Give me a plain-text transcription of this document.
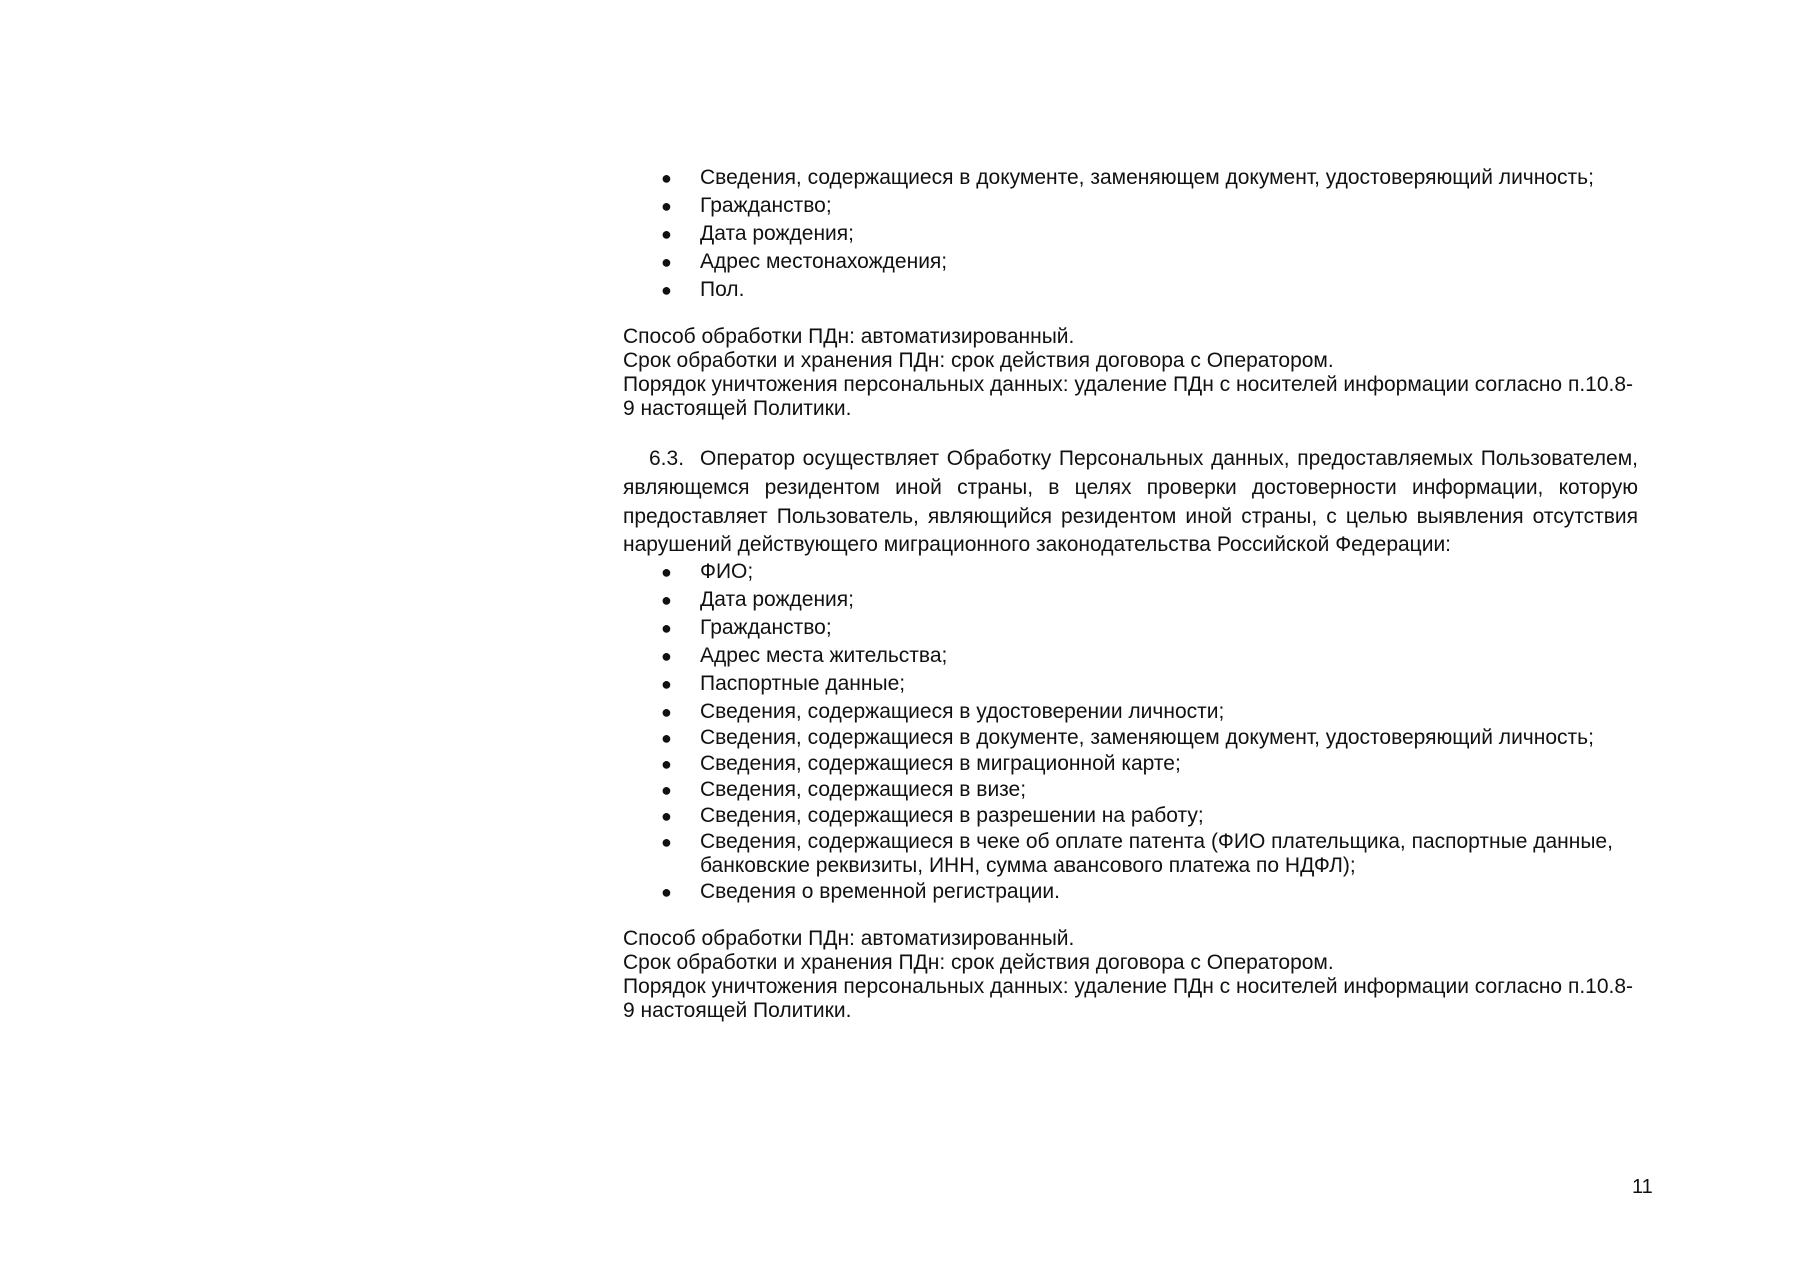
● Сведения, содержащиеся в документе, заменяющем документ, удостоверяющий личность;
● Гражданство;
● Дата рождения;
● Адрес местонахождения;
● Пол.

Способ обработки ПДн: автоматизированный.

Срок обработки и хранения ПДн: срок действия договора с Оператором.

Порядок уничтожения персональных данных: удаление ПДн с носителей информации согласно п.10.8-9 настоящей Политики.

6.3. Оператор осуществляет Обработку Персональных данных, предоставляемых Пользователем, являющемся резидентом иной страны, в целях проверки достоверности информации, которую предоставляет Пользователь, являющийся резидентом иной страны, с целью выявления отсутствия нарушений действующего миграционного законодательства Российской Федерации:

● ФИО;
● Дата рождения;
● Гражданство;
● Адрес места жительства;
● Паспортные данные;
● Сведения, содержащиеся в удостоверении личности;
● Сведения, содержащиеся в документе, заменяющем документ, удостоверяющий личность;
● Сведения, содержащиеся в миграционной карте;
● Сведения, содержащиеся в визе;
● Сведения, содержащиеся в разрешении на работу;
● Сведения, содержащиеся в чеке об оплате патента (ФИО плательщика, паспортные данные, банковские реквизиты, ИНН, сумма авансового платежа по НДФЛ);
● Сведения о временной регистрации.

Способ обработки ПДн: автоматизированный.

Срок обработки и хранения ПДн: срок действия договора с Оператором.

Порядок уничтожения персональных данных: удаление ПДн с носителей информации согласно п.10.8-9 настоящей Политики.

11
